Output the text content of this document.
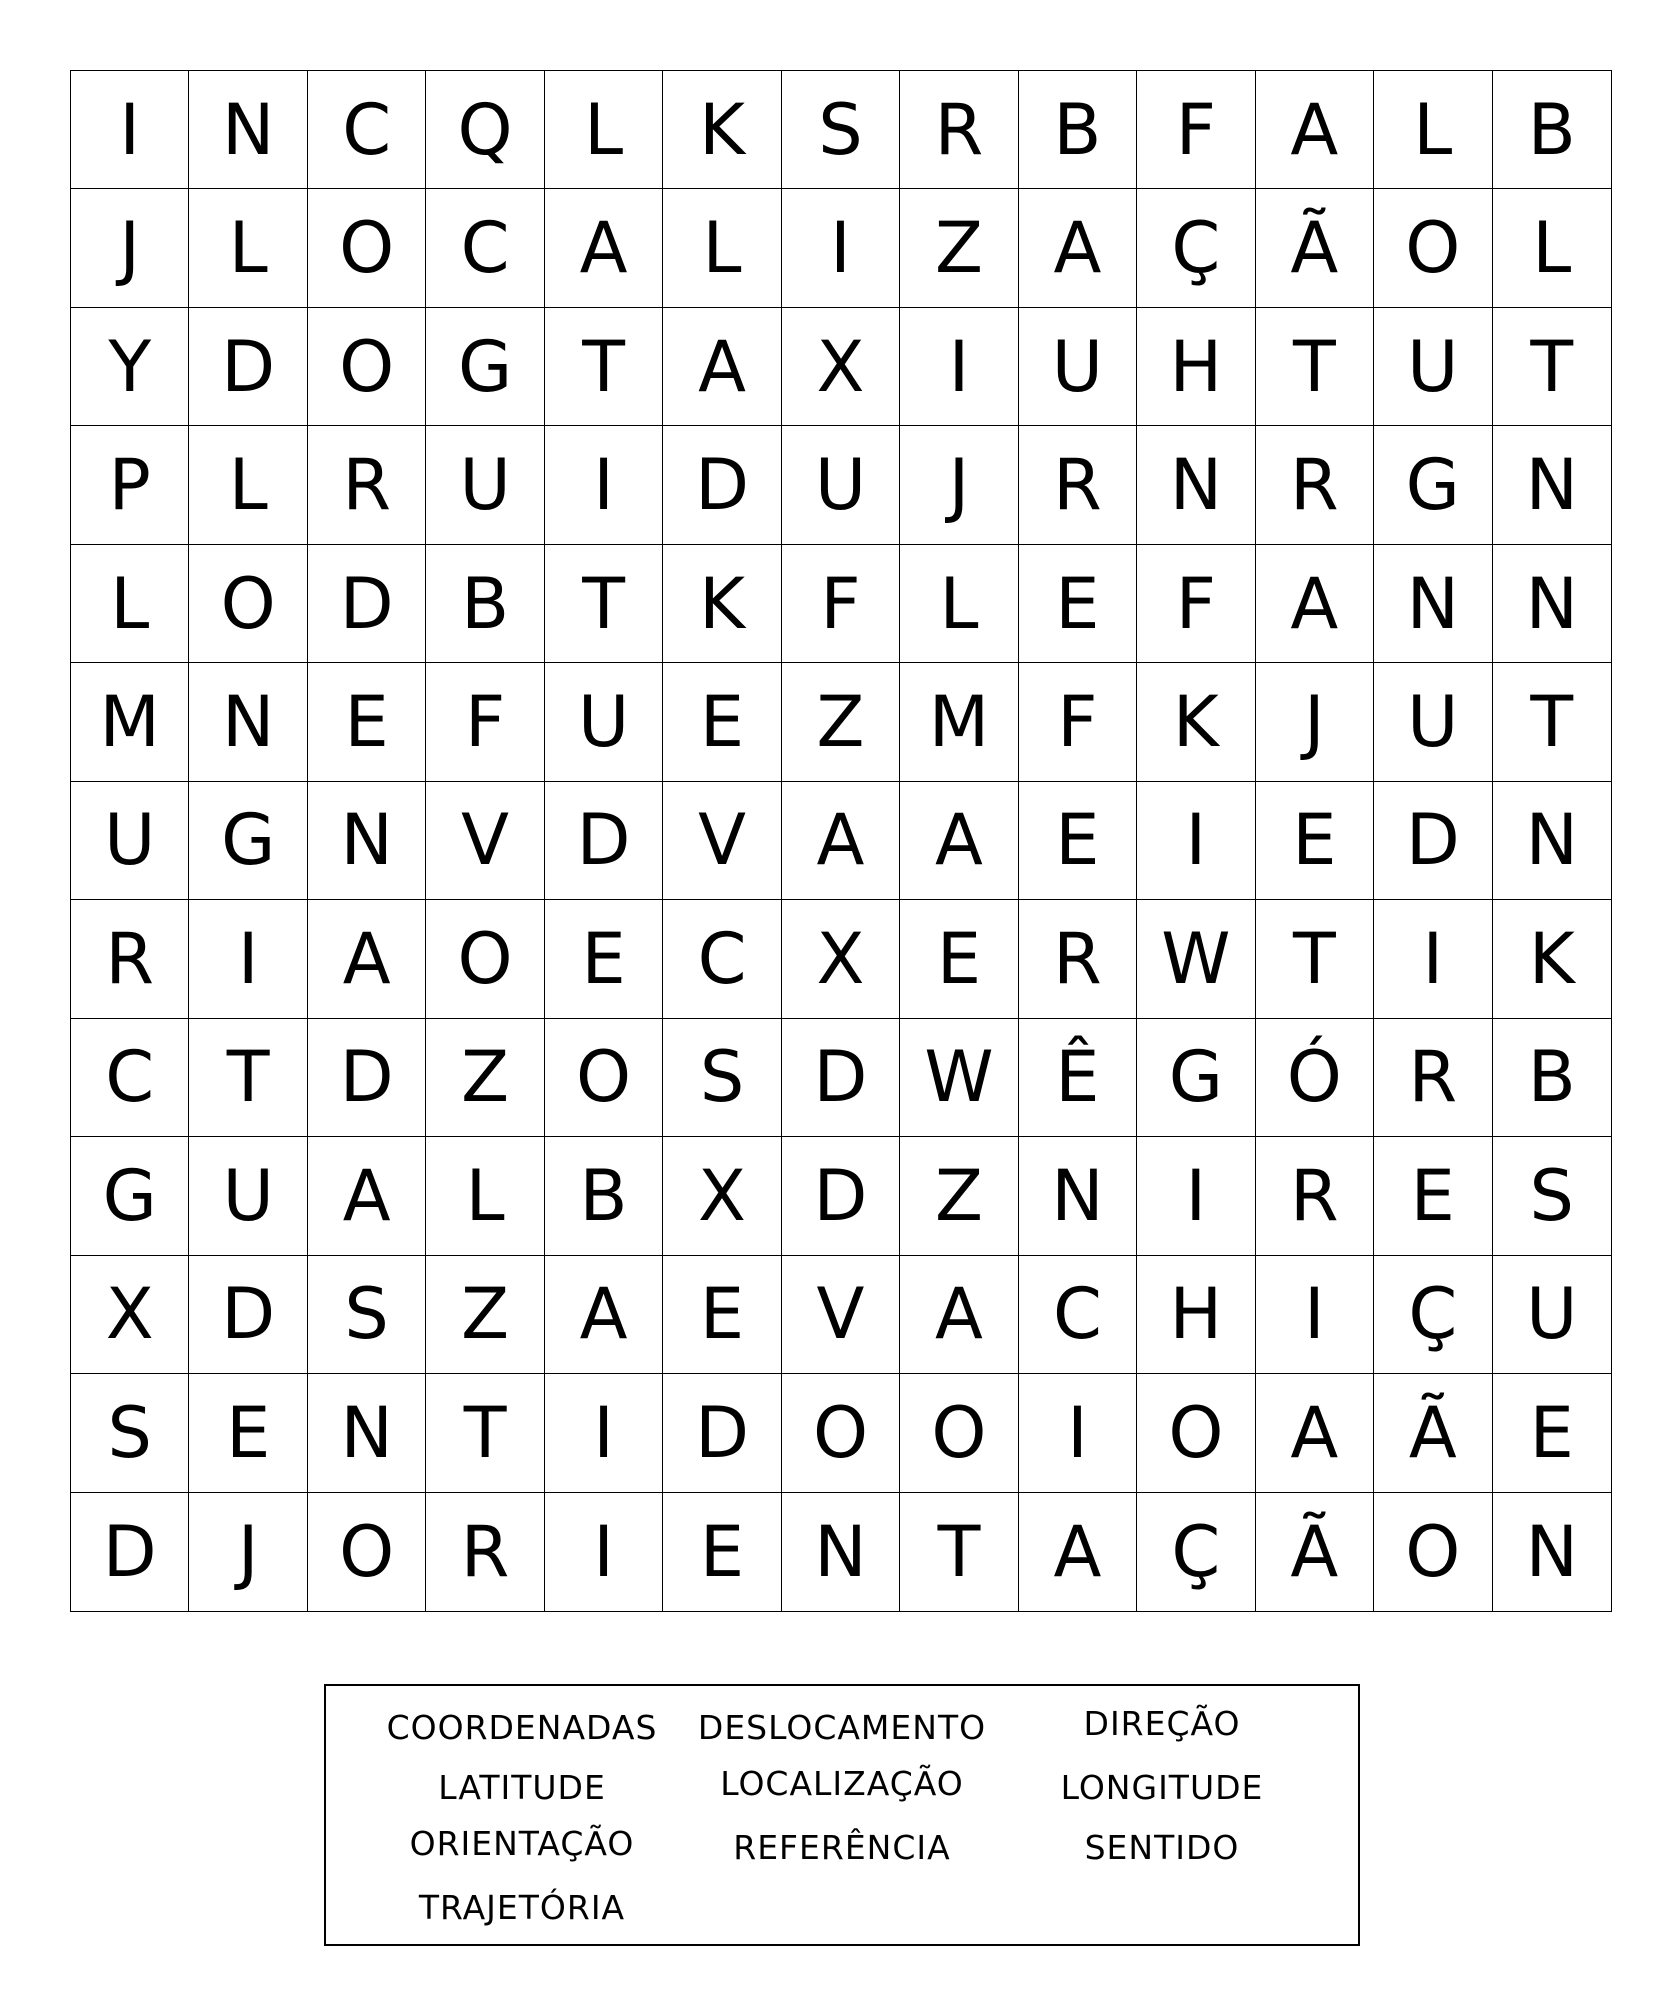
I	N C Q	L	K	S	R	B	F	A	L	B
J	L	O C	A	L	I	Z	A	Ç	Ã O	L
Y	D O G T	A	X	I	U H	T	U	T
P	L	R U	I	D U	J	R N R G N
L	O D B	T	K	F	L	E	F	A N N
M N	E	F	U	E	Z M F	K	J	U	T
U G N V D V	A	A	E	I	E D N
R	I	A O E	C	X	E	R W T	I	K
C	T	D Z O S D W Ê G Ó R	B
G U A	L	B	X D Z N	I	R	E	S
X D S	Z	A	E	V	A	C H	I	Ç U
S	E	N	T	I	D O O	I	O A	Ã	E
D	J	O R	I	E	N	T	A	Ç	Ã O N
COORDENADAS	DESLOCAMENTO	DIREÇÃO
LATITUDE	LOCALIZAÇÃO	LONGITUDE
ORIENTAÇÃO	REFERÊNCIA	SENTIDO
TRAJETÓRIA
